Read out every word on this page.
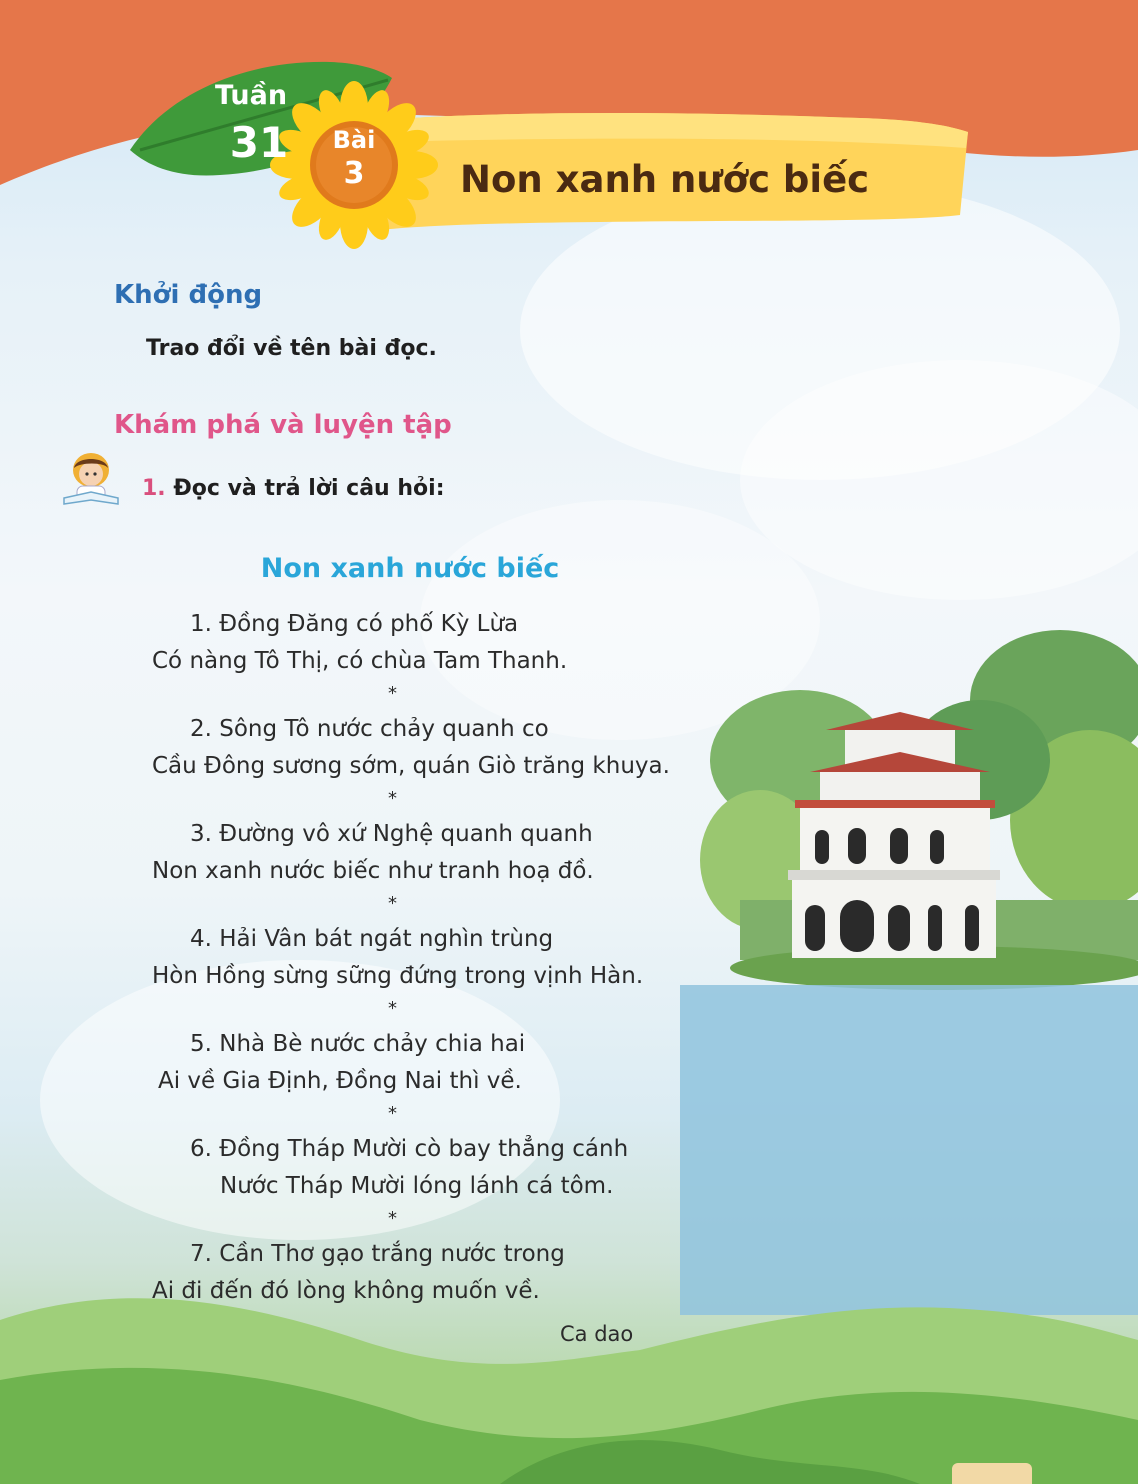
Tuần

31	Bài

3	Non xanh nước biếc
Khởi động

Trao đổi về tên bài đọc.

Khám phá và luyện tập

1. Đọc và trả lời câu hỏi:

Non xanh nước biếc

1. Đồng Đăng có phố Kỳ Lừa

Có nàng Tô Thị, có chùa Tam Thanh.

*

2. Sông Tô nước chảy quanh co

Cầu Đông sương sớm, quán Giò trăng khuya.

*

3. Đường vô xứ Nghệ quanh quanh

Non xanh nước biếc như tranh hoạ đồ.

*

4. Hải Vân bát ngát nghìn trùng

Hòn Hồng sừng sững đứng trong vịnh Hàn.

*

5. Nhà Bè nước chảy chia hai

Ai về Gia Định, Đồng Nai thì về.

*

6. Đồng Tháp Mười cò bay thẳng cánh

Nước Tháp Mười lóng lánh cá tôm.

*

7. Cần Thơ gạo trắng nước trong

Ai đi đến đó lòng không muốn về.

Ca dao
